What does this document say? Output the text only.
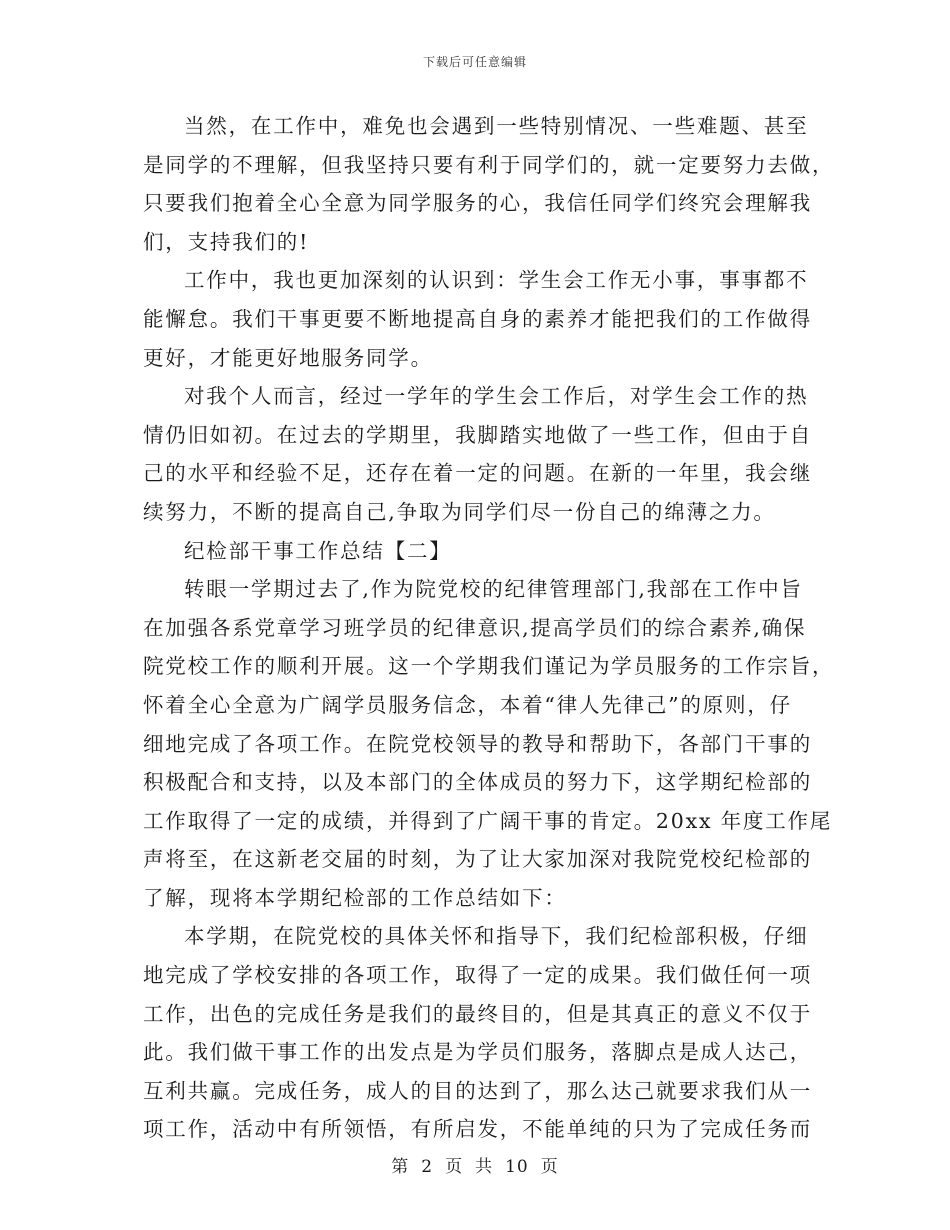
下载后可任意编辑

当然，在工作中，难免也会遇到一些特别情况、一些难题、甚至
是同学的不理解，但我坚持只要有利于同学们的，就一定要努力去做，
只要我们抱着全心全意为同学服务的心，我信任同学们终究会理解我
们，支持我们的!

工作中，我也更加深刻的认识到：学生会工作无小事，事事都不
能懈怠。我们干事更要不断地提高自身的素养才能把我们的工作做得
更好，才能更好地服务同学。

对我个人而言，经过一学年的学生会工作后，对学生会工作的热
情仍旧如初。在过去的学期里，我脚踏实地做了一些工作，但由于自
己的水平和经验不足，还存在着一定的问题。在新的一年里，我会继
续努力，不断的提高自己,争取为同学们尽一份自己的绵薄之力。

纪检部干事工作总结【二】

转眼一学期过去了,作为院党校的纪律管理部门,我部在工作中旨
在加强各系党章学习班学员的纪律意识,提高学员们的综合素养,确保
院党校工作的顺利开展。这一个学期我们谨记为学员服务的工作宗旨，
怀着全心全意为广阔学员服务信念，本着“律人先律己”的原则，仔
细地完成了各项工作。在院党校领导的教导和帮助下，各部门干事的
积极配合和支持，以及本部门的全体成员的努力下，这学期纪检部的
工作取得了一定的成绩，并得到了广阔干事的肯定。20xx 年度工作尾
声将至，在这新老交届的时刻，为了让大家加深对我院党校纪检部的
了解，现将本学期纪检部的工作总结如下：

本学期，在院党校的具体关怀和指导下，我们纪检部积极，仔细
地完成了学校安排的各项工作，取得了一定的成果。我们做任何一项
工作，出色的完成任务是我们的最终目的，但是其真正的意义不仅于
此。我们做干事工作的出发点是为学员们服务，落脚点是成人达己，
互利共赢。完成任务，成人的目的达到了，那么达己就要求我们从一
项工作，活动中有所领悟，有所启发，不能单纯的只为了完成任务而

第 2 页 共 10 页
